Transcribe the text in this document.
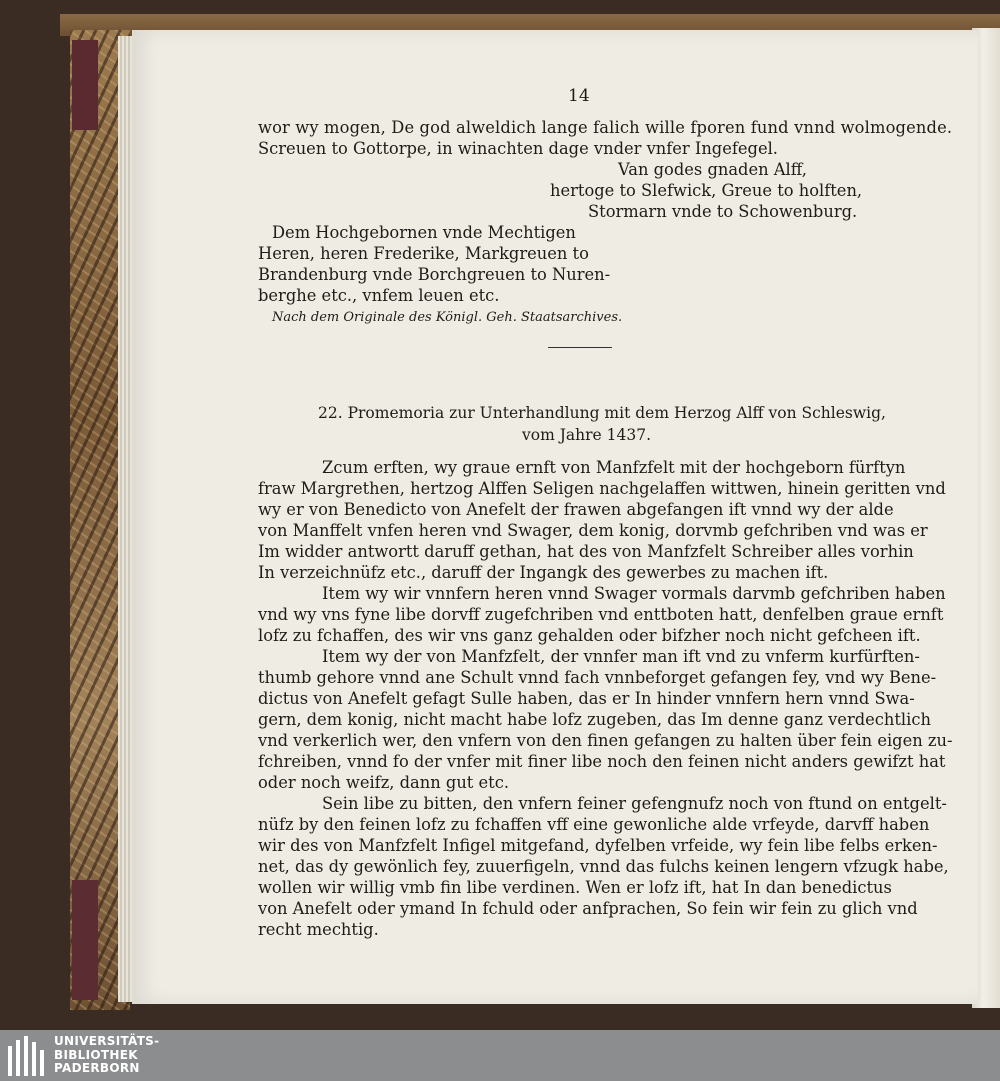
14
wor wy mogen, De god alweldich lange falich wille fporen fund vnnd wolmogende.
Screuen to Gottorpe, in winachten dage vnder vnfer Ingefegel.
Van godes gnaden Alff,
hertoge to Slefwick, Greue to holften,
Stormarn vnde to Schowenburg.
Dem Hochgebornen vnde Mechtigen
Heren, heren Frederike, Markgreuen to
Brandenburg vnde Borchgreuen to Nuren-
berghe etc., vnfem leuen etc.
Nach dem Originale des Königl. Geh. Staatsarchives.
22. Promemoria zur Unterhandlung mit dem Herzog Alff von Schleswig,
vom Jahre 1437.
Zcum erften, wy graue ernft von Manfzfelt mit der hochgeborn fürftyn
fraw Margrethen, hertzog Alffen Seligen nachgelaffen wittwen, hinein geritten vnd
wy er von Benedicto von Anefelt der frawen abgefangen ift vnnd wy der alde
von Manffelt vnfen heren vnd Swager, dem konig, dorvmb gefchriben vnd was er
Im widder antwortt daruff gethan, hat des von Manfzfelt Schreiber alles vorhin
In verzeichnüfz etc., daruff der Ingangk des gewerbes zu machen ift.
Item wy wir vnnfern heren vnnd Swager vormals darvmb gefchriben haben
vnd wy vns fyne libe dorvff zugefchriben vnd enttboten hatt, denfelben graue ernft
lofz zu fchaffen, des wir vns ganz gehalden oder bifzher noch nicht gefcheen ift.
Item wy der von Manfzfelt, der vnnfer man ift vnd zu vnferm kurfürften-
thumb gehore vnnd ane Schult vnnd fach vnnbeforget gefangen fey, vnd wy Bene-
dictus von Anefelt gefagt Sulle haben, das er In hinder vnnfern hern vnnd Swa-
gern, dem konig, nicht macht habe lofz zugeben, das Im denne ganz verdechtlich
vnd verkerlich wer, den vnfern von den finen gefangen zu halten über fein eigen zu-
fchreiben, vnnd fo der vnfer mit finer libe noch den feinen nicht anders gewifzt hat
oder noch weifz, dann gut etc.
Sein libe zu bitten, den vnfern feiner gefengnufz noch von ftund on entgelt-
nüfz by den feinen lofz zu fchaffen vff eine gewonliche alde vrfeyde, darvff haben
wir des von Manfzfelt Infigel mitgefand, dyfelben vrfeide, wy fein libe felbs erken-
net, das dy gewönlich fey, zuuerfigeln, vnnd das fulchs keinen lengern vfzugk habe,
wollen wir willig vmb fin libe verdinen. Wen er lofz ift, hat In dan benedictus
von Anefelt oder ymand In fchuld oder anfprachen, So fein wir fein zu glich vnd
recht mechtig.
UNIVERSITÄTS-
BIBLIOTHEK
PADERBORN
